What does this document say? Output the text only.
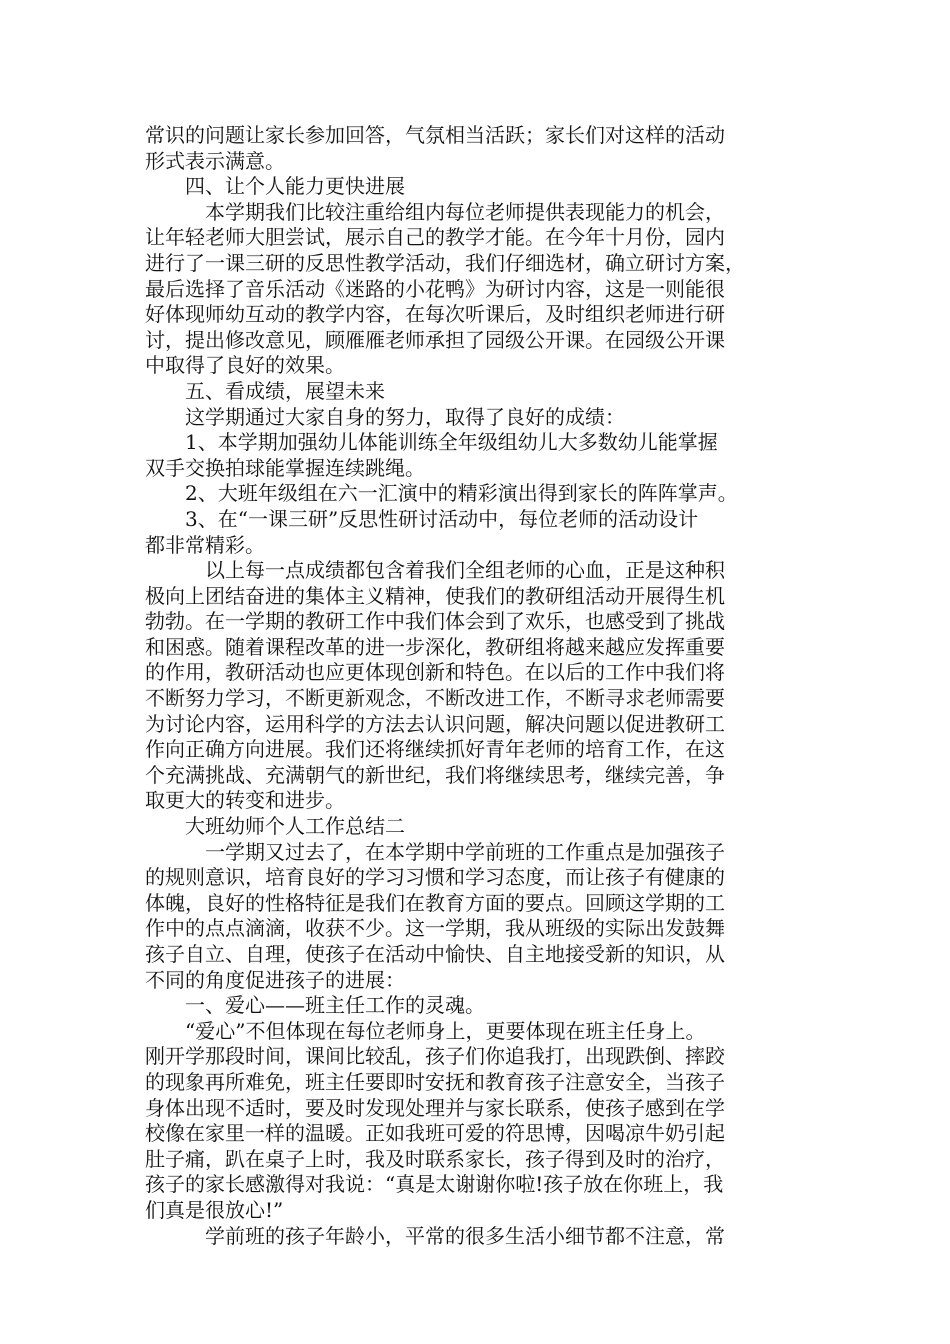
常识的问题让家长参加回答，气氛相当活跃；家长们对这样的活动
形式表示满意。
四、让个人能力更快进展
本学期我们比较注重给组内每位老师提供表现能力的机会，
让年轻老师大胆尝试，展示自己的教学才能。在今年十月份，园内
进行了一课三研的反思性教学活动，我们仔细选材，确立研讨方案，
最后选择了音乐活动《迷路的小花鸭》为研讨内容，这是一则能很
好体现师幼互动的教学内容，在每次听课后，及时组织老师进行研
讨，提出修改意见，顾雁雁老师承担了园级公开课。在园级公开课
中取得了良好的效果。
五、看成绩，展望未来
这学期通过大家自身的努力，取得了良好的成绩：
1、本学期加强幼儿体能训练全年级组幼儿大多数幼儿能掌握
双手交换拍球能掌握连续跳绳。
2、大班年级组在六一汇演中的精彩演出得到家长的阵阵掌声。
3、在“一课三研”反思性研讨活动中，每位老师的活动设计
都非常精彩。
以上每一点成绩都包含着我们全组老师的心血，正是这种积
极向上团结奋进的集体主义精神，使我们的教研组活动开展得生机
勃勃。在一学期的教研工作中我们体会到了欢乐，也感受到了挑战
和困惑。随着课程改革的进一步深化，教研组将越来越应发挥重要
的作用，教研活动也应更体现创新和特色。在以后的工作中我们将
不断努力学习，不断更新观念，不断改进工作，不断寻求老师需要
为讨论内容，运用科学的方法去认识问题，解决问题以促进教研工
作向正确方向进展。我们还将继续抓好青年老师的培育工作，在这
个充满挑战、充满朝气的新世纪，我们将继续思考，继续完善，争
取更大的转变和进步。
大班幼师个人工作总结二
一学期又过去了，在本学期中学前班的工作重点是加强孩子
的规则意识，培育良好的学习习惯和学习态度，而让孩子有健康的
体魄，良好的性格特征是我们在教育方面的要点。回顾这学期的工
作中的点点滴滴，收获不少。这一学期，我从班级的实际出发鼓舞
孩子自立、自理，使孩子在活动中愉快、自主地接受新的知识，从
不同的角度促进孩子的进展：
一、爱心——班主任工作的灵魂。
“爱心”不但体现在每位老师身上，更要体现在班主任身上。
刚开学那段时间，课间比较乱，孩子们你追我打，出现跌倒、摔跤
的现象再所难免，班主任要即时安抚和教育孩子注意安全，当孩子
身体出现不适时，要及时发现处理并与家长联系，使孩子感到在学
校像在家里一样的温暖。正如我班可爱的符思博，因喝凉牛奶引起
肚子痛，趴在桌子上时，我及时联系家长，孩子得到及时的治疗，
孩子的家长感激得对我说：“真是太谢谢你啦!孩子放在你班上，我
们真是很放心!”
学前班的孩子年龄小，平常的很多生活小细节都不注意，常
